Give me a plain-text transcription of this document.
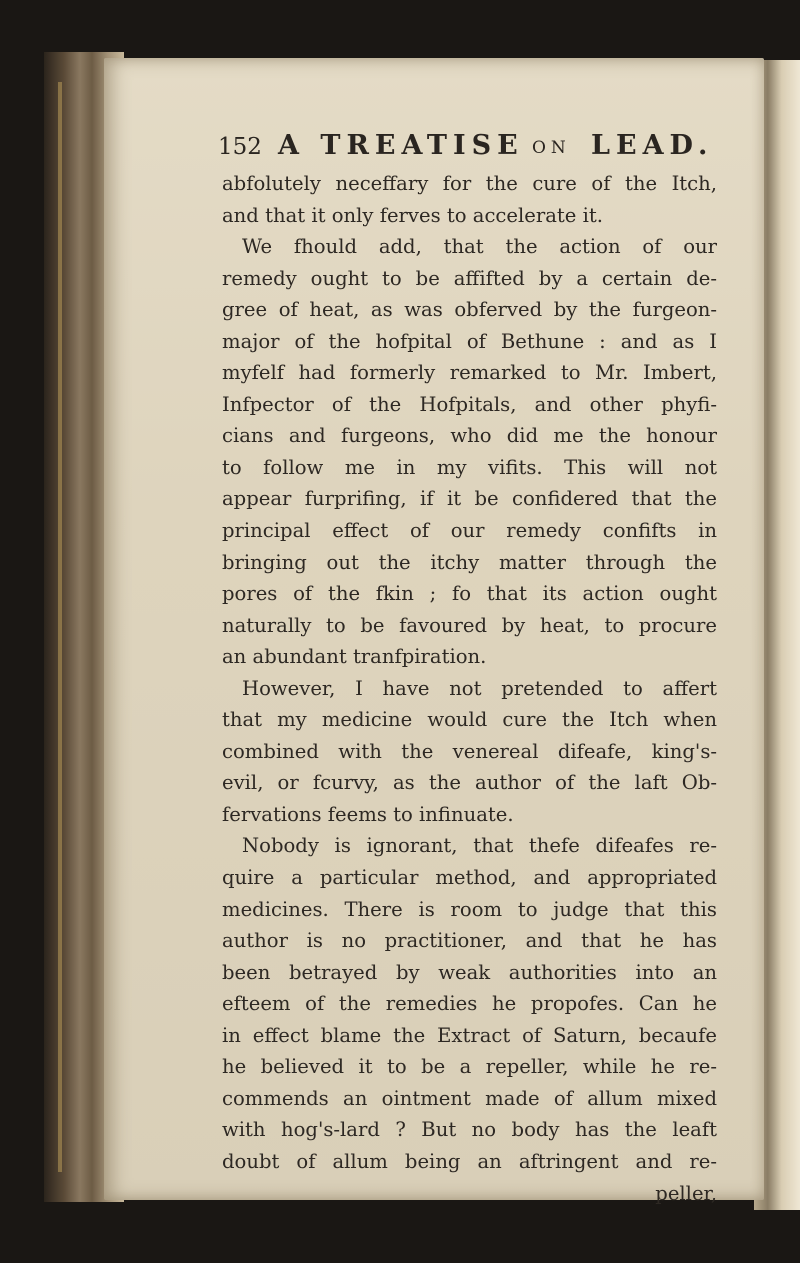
152 A TREATISE ON LEAD.
abfolutely neceffary for the cure of the Itch,
and that it only ferves to accelerate it.
We fhould add, that the action of our
remedy ought to be affifted by a certain de-
gree of heat, as was obferved by the furgeon-
major of the hofpital of Bethune : and as I
myfelf had formerly remarked to Mr. Imbert,
Infpector of the Hofpitals, and other phyfi-
cians and furgeons, who did me the honour
to follow me in my vifits. This will not
appear furprifing, if it be confidered that the
principal effect of our remedy confifts in
bringing out the itchy matter through the
pores of the fkin ; fo that its action ought
naturally to be favoured by heat, to procure
an abundant tranfpiration.
However, I have not pretended to affert
that my medicine would cure the Itch when
combined with the venereal difeafe, king's-
evil, or fcurvy, as the author of the laft Ob-
fervations feems to infinuate.
Nobody is ignorant, that thefe difeafes re-
quire a particular method, and appropriated
medicines. There is room to judge that this
author is no practitioner, and that he has
been betrayed by weak authorities into an
efteem of the remedies he propofes. Can he
in effect blame the Extract of Saturn, becaufe
he believed it to be a repeller, while he re-
commends an ointment made of allum mixed
with hog's-lard ? But no body has the leaft
doubt of allum being an aftringent and re-
peller,
